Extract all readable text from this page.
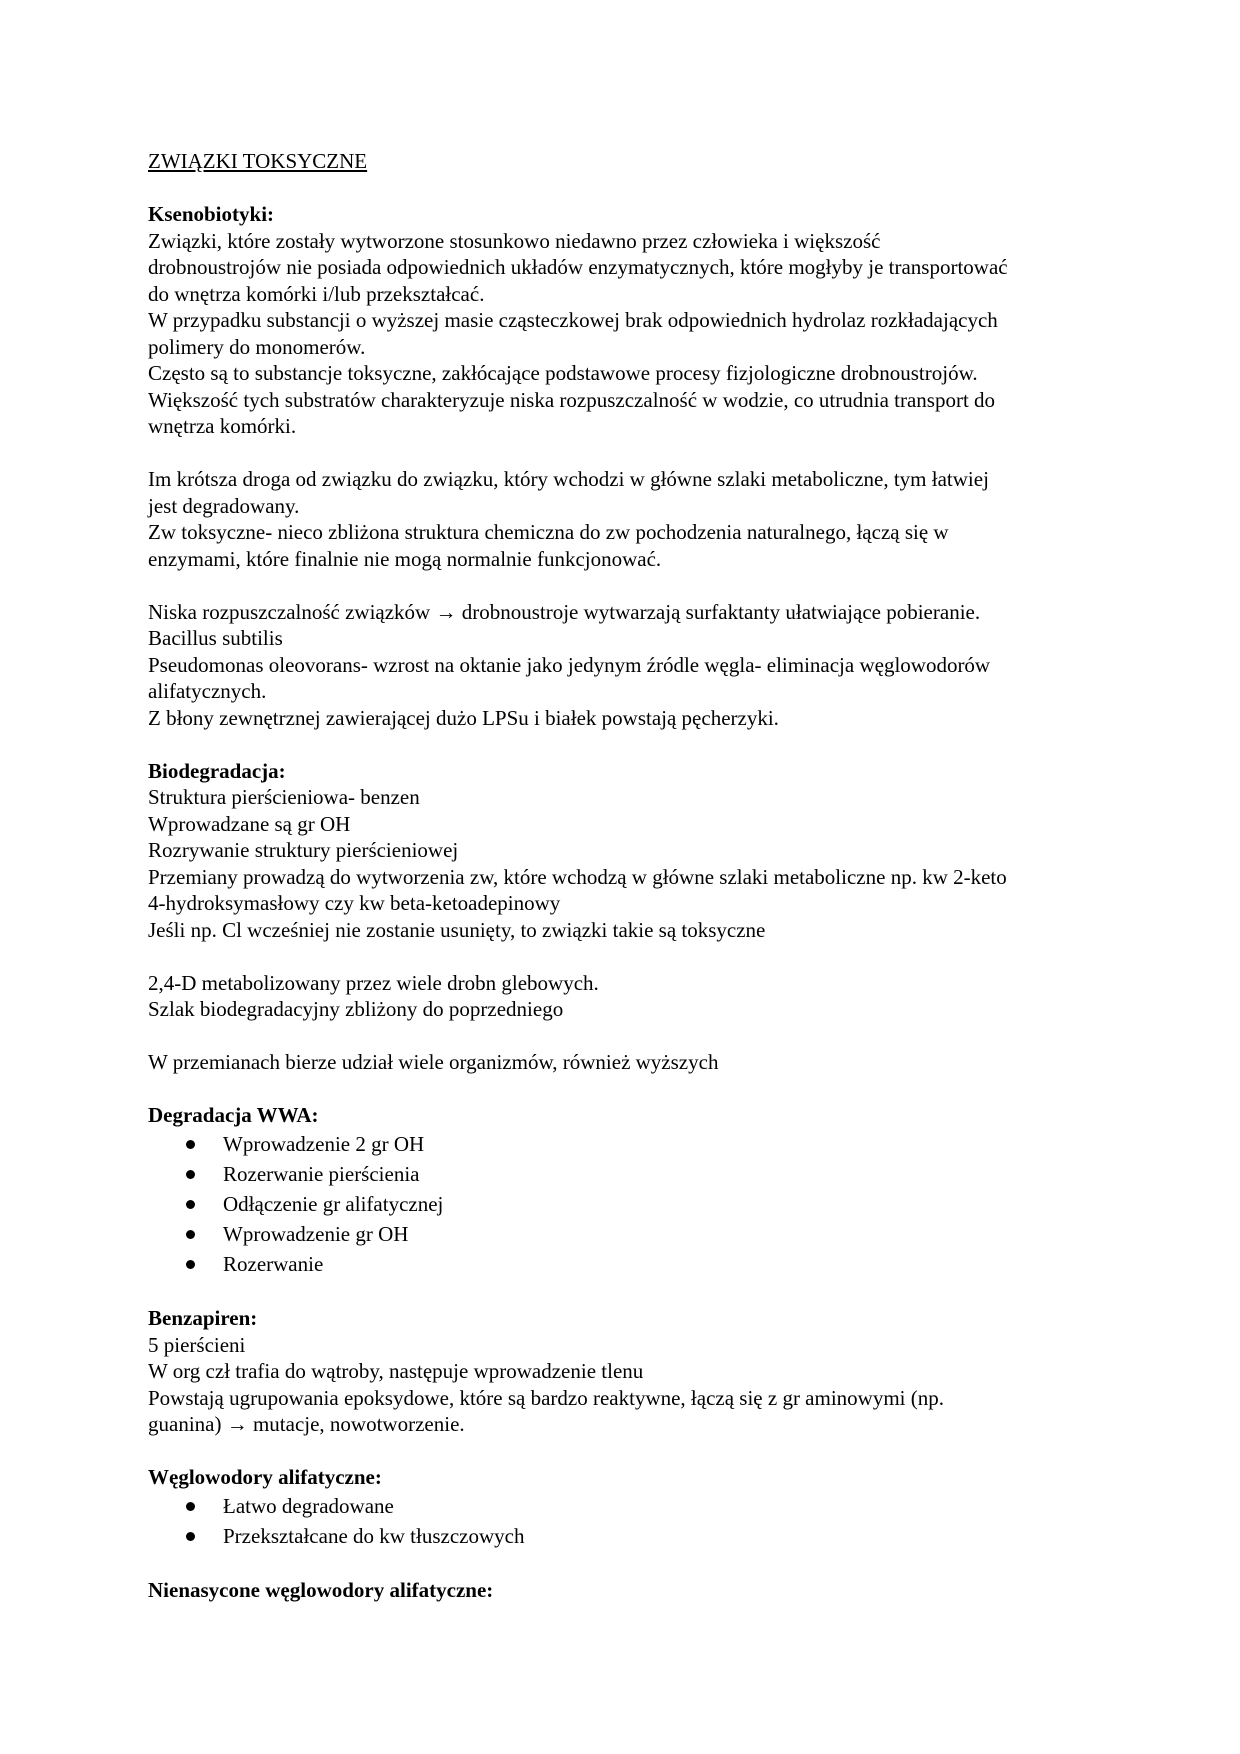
ZWIĄZKI TOKSYCZNE

Ksenobiotyki:

Związki, które zostały wytworzone stosunkowo niedawno przez człowieka i większość

drobnoustrojów nie posiada odpowiednich układów enzymatycznych, które mogłyby je transportować

do wnętrza komórki i/lub przekształcać.

W przypadku substancji o wyższej masie cząsteczkowej brak odpowiednich hydrolaz rozkładających

polimery do monomerów.

Często są to substancje toksyczne, zakłócające podstawowe procesy fizjologiczne drobnoustrojów.

Większość tych substratów charakteryzuje niska rozpuszczalność w wodzie, co utrudnia transport do

wnętrza komórki.

Im krótsza droga od związku do związku, który wchodzi w główne szlaki metaboliczne, tym łatwiej

jest degradowany.

Zw toksyczne- nieco zbliżona struktura chemiczna do zw pochodzenia naturalnego, łączą się w

enzymami, które finalnie nie mogą normalnie funkcjonować.

Niska rozpuszczalność związków → drobnoustroje wytwarzają surfaktanty ułatwiające pobieranie.

Bacillus subtilis

Pseudomonas oleovorans- wzrost na oktanie jako jedynym źródle węgla- eliminacja węglowodorów

alifatycznych.

Z błony zewnętrznej zawierającej dużo LPSu i białek powstają pęcherzyki.

Biodegradacja:

Struktura pierścieniowa- benzen

Wprowadzane są gr OH

Rozrywanie struktury pierścieniowej

Przemiany prowadzą do wytworzenia zw, które wchodzą w główne szlaki metaboliczne np. kw 2-keto

4-hydroksymasłowy czy kw beta-ketoadepinowy

Jeśli np. Cl wcześniej nie zostanie usunięty, to związki takie są toksyczne

2,4-D metabolizowany przez wiele drobn glebowych.

Szlak biodegradacyjny zbliżony do poprzedniego

W przemianach bierze udział wiele organizmów, również wyższych

Degradacja WWA:

Wprowadzenie 2 gr OH
Rozerwanie pierścienia
Odłączenie gr alifatycznej
Wprowadzenie gr OH
Rozerwanie

Benzapiren:

5 pierścieni

W org czł trafia do wątroby, następuje wprowadzenie tlenu

Powstają ugrupowania epoksydowe, które są bardzo reaktywne, łączą się z gr aminowymi (np.

guanina) → mutacje, nowotworzenie.

Węglowodory alifatyczne:

Łatwo degradowane
Przekształcane do kw tłuszczowych

Nienasycone węglowodory alifatyczne:
